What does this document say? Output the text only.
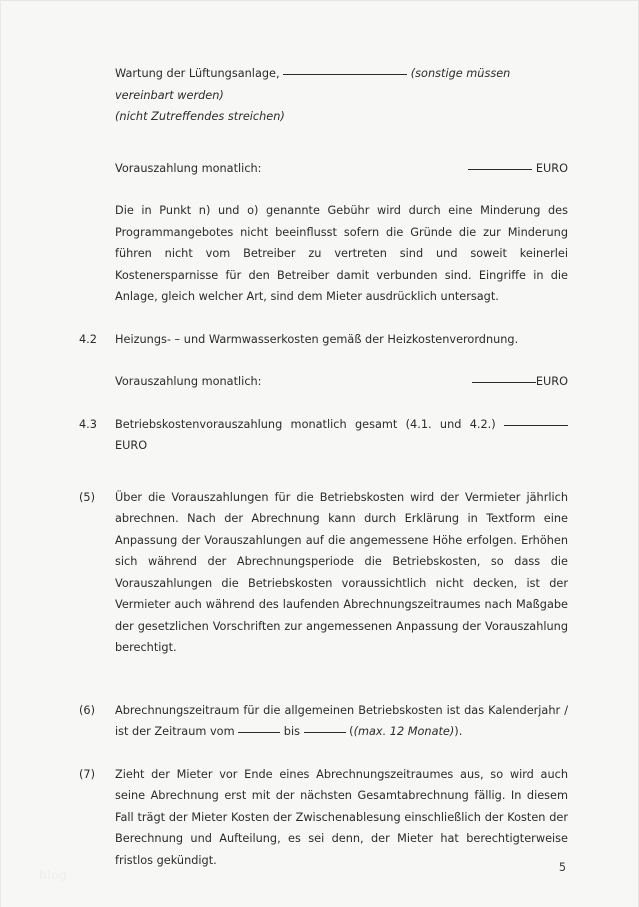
Wartung der Lüftungsanlage,	(sonstige müssen
vereinbart werden)
(nicht Zutreffendes streichen)
Vorauszahlung monatlich:	EURO
Die in Punkt n) und o) genannte Gebühr wird durch eine Minderung des Programmangebotes nicht beeinflusst sofern die Gründe die zur Minderung führen nicht vom Betreiber zu vertreten sind und soweit keinerlei Kostenersparnisse für den Betreiber damit verbunden sind. Eingriffe in die Anlage, gleich welcher Art, sind dem Mieter ausdrücklich untersagt.
4.2	Heizungs- – und Warmwasserkosten gemäß der Heizkostenverordnung.
Vorauszahlung monatlich:	EURO
4.3	Betriebskostenvorauszahlung monatlich gesamt (4.1. und 4.2.)  EURO
(5)	Über die Vorauszahlungen für die Betriebskosten wird der Vermieter jährlich abrechnen. Nach der Abrechnung kann durch Erklärung in Textform eine Anpassung der Vorauszahlungen auf die angemessene Höhe erfolgen. Erhöhen sich während der Abrechnungsperiode die Betriebskosten, so dass die Vorauszahlungen die Betriebskosten voraussichtlich nicht decken, ist der Vermieter auch während des laufenden Abrechnungszeitraumes nach Maßgabe der gesetzlichen Vorschriften zur angemessenen Anpassung der Vorauszahlung berechtigt.
(6)	Abrechnungszeitraum für die allgemeinen Betriebskosten ist das Kalenderjahr / ist der Zeitraum vom	bis	((max. 12 Monate)).
(7)	Zieht der Mieter vor Ende eines Abrechnungszeitraumes aus, so wird auch seine Abrechnung erst mit der nächsten Gesamtabrechnung fällig. In diesem Fall trägt der Mieter Kosten der Zwischenablesung einschließlich der Kosten der Berechnung und Aufteilung, es sei denn, der Mieter hat berechtigterweise fristlos gekündigt.
5
blog
